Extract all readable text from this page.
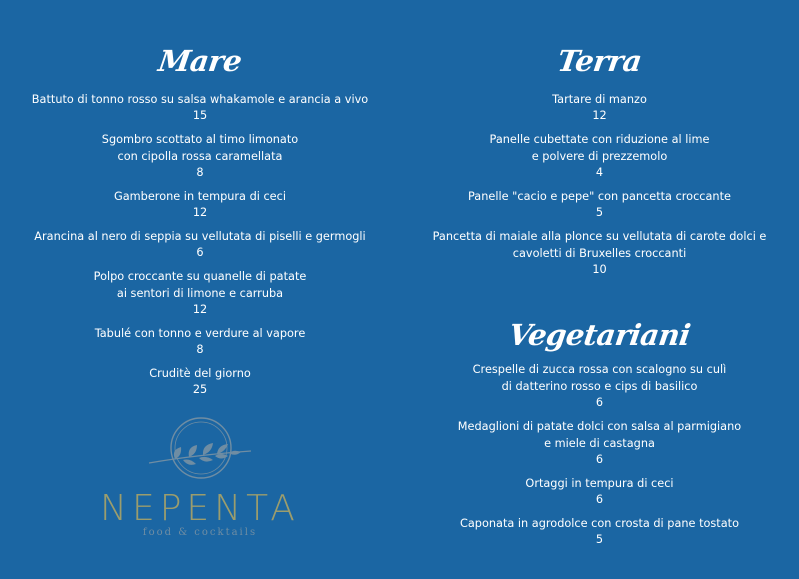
Mare

Battuto di tonno rosso su salsa whakamole e arancia a vivo

15

Sgombro scottato al timo limonato
con cipolla rossa caramellata

8

Gamberone in tempura di ceci

12

Arancina al nero di seppia su vellutata di piselli e germogli

6

Polpo croccante su quanelle di patate
ai sentori di limone e carruba

12

Tabulé con tonno e verdure al vapore

8

Cruditè del giorno

25

NEPENTA
food & cocktails
Terra

Tartare di manzo

12

Panelle cubettate con riduzione al lime
e polvere di prezzemolo

4

Panelle "cacio e pepe" con pancetta croccante

5

Pancetta di maiale alla plonce su vellutata di carote dolci e
cavoletti di Bruxelles croccanti

10

Vegetariani

Crespelle di zucca rossa con scalogno su culì
di datterino rosso e cips di basilico

6

Medaglioni di patate dolci con salsa al parmigiano
e miele di castagna

6

Ortaggi in tempura di ceci

6

Caponata in agrodolce con crosta di pane tostato

5
